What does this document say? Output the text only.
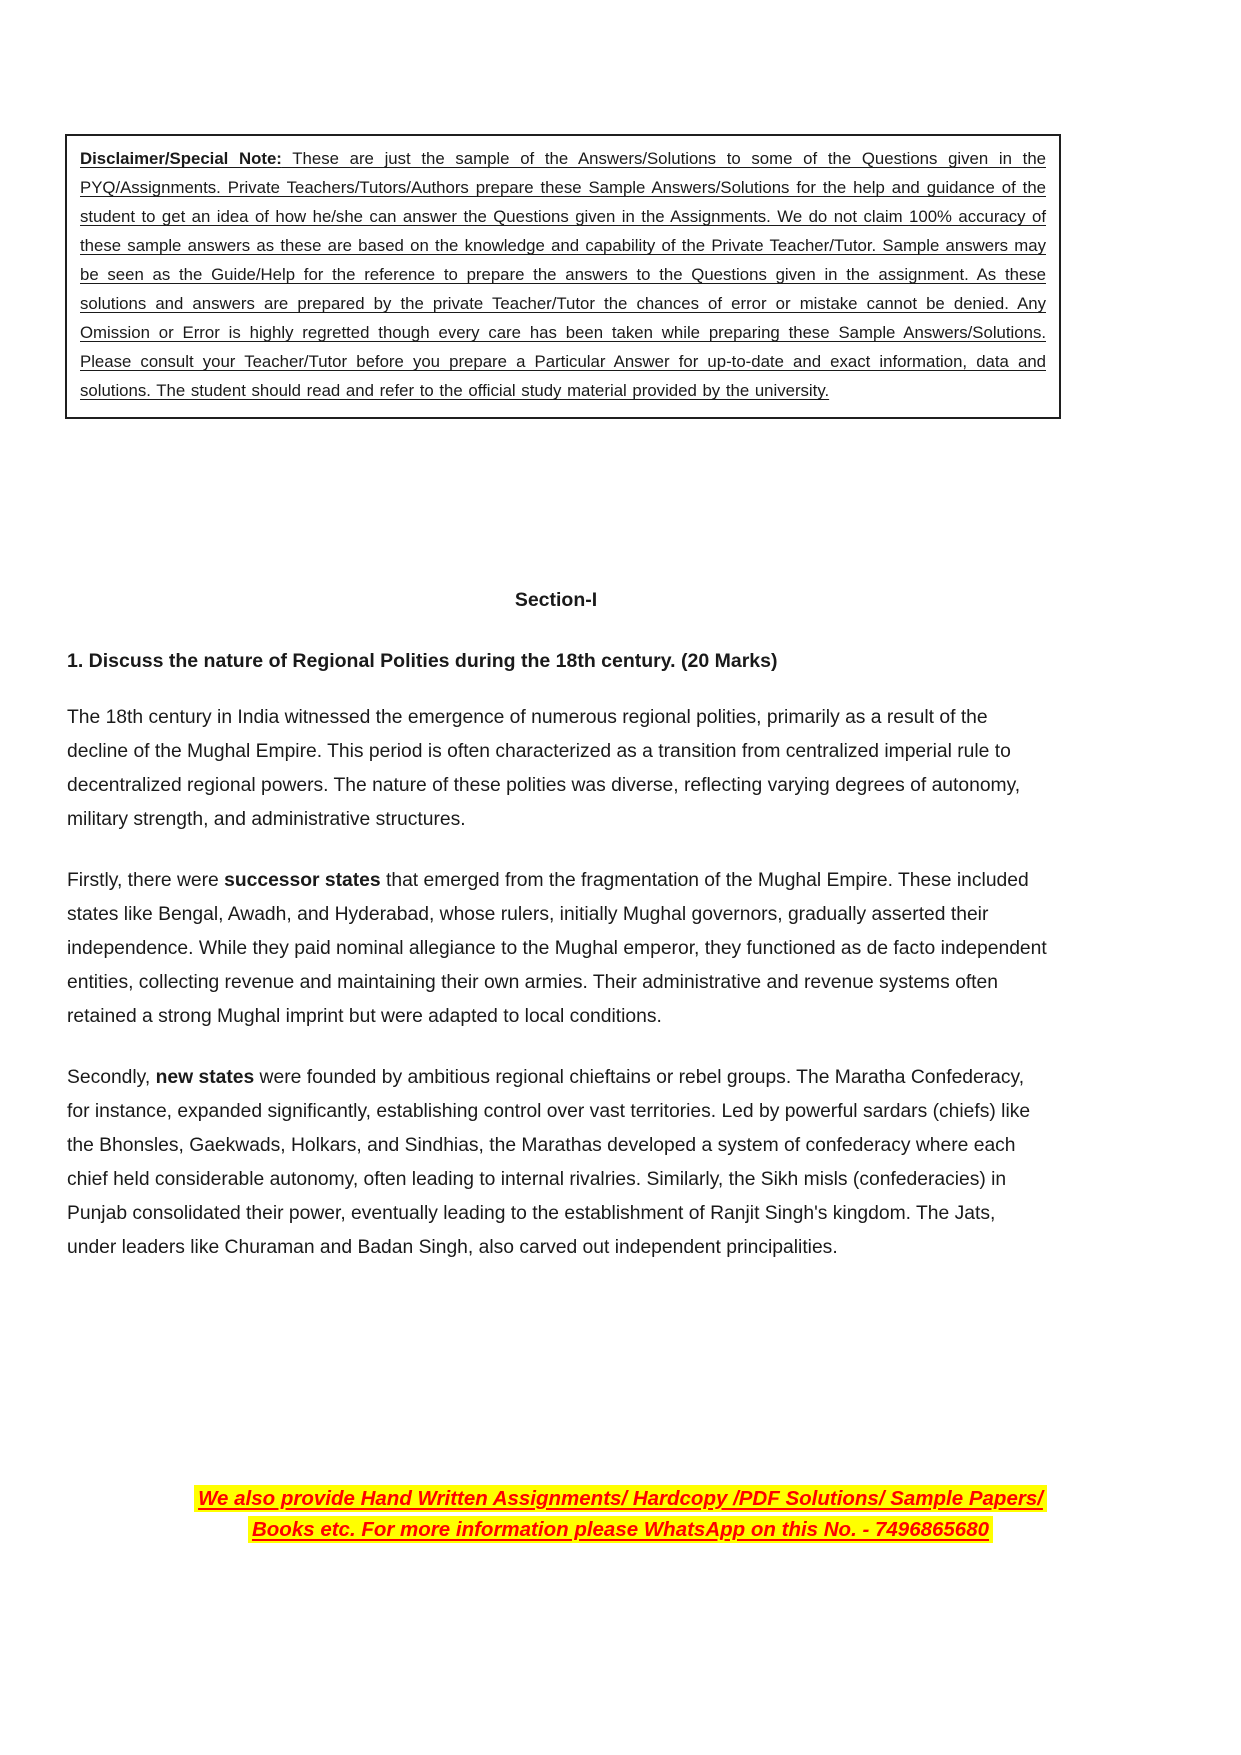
Disclaimer/Special Note: These are just the sample of the Answers/Solutions to some of the Questions given in the PYQ/Assignments. Private Teachers/Tutors/Authors prepare these Sample Answers/Solutions for the help and guidance of the student to get an idea of how he/she can answer the Questions given in the Assignments. We do not claim 100% accuracy of these sample answers as these are based on the knowledge and capability of the Private Teacher/Tutor. Sample answers may be seen as the Guide/Help for the reference to prepare the answers to the Questions given in the assignment. As these solutions and answers are prepared by the private Teacher/Tutor the chances of error or mistake cannot be denied. Any Omission or Error is highly regretted though every care has been taken while preparing these Sample Answers/Solutions. Please consult your Teacher/Tutor before you prepare a Particular Answer for up-to-date and exact information, data and solutions. The student should read and refer to the official study material provided by the university.

Section-I
1. Discuss the nature of Regional Polities during the 18th century. (20 Marks)

The 18th century in India witnessed the emergence of numerous regional polities, primarily as a result of the decline of the Mughal Empire. This period is often characterized as a transition from centralized imperial rule to decentralized regional powers. The nature of these polities was diverse, reflecting varying degrees of autonomy, military strength, and administrative structures.

Firstly, there were successor states that emerged from the fragmentation of the Mughal Empire. These included states like Bengal, Awadh, and Hyderabad, whose rulers, initially Mughal governors, gradually asserted their independence. While they paid nominal allegiance to the Mughal emperor, they functioned as de facto independent entities, collecting revenue and maintaining their own armies. Their administrative and revenue systems often retained a strong Mughal imprint but were adapted to local conditions.

Secondly, new states were founded by ambitious regional chieftains or rebel groups. The Maratha Confederacy, for instance, expanded significantly, establishing control over vast territories. Led by powerful sardars (chiefs) like the Bhonsles, Gaekwads, Holkars, and Sindhias, the Marathas developed a system of confederacy where each chief held considerable autonomy, often leading to internal rivalries. Similarly, the Sikh misls (confederacies) in Punjab consolidated their power, eventually leading to the establishment of Ranjit Singh's kingdom. The Jats, under leaders like Churaman and Badan Singh, also carved out independent principalities.

We also provide Hand Written Assignments/ Hardcopy /PDF Solutions/ Sample Papers/
Books etc. For more information please WhatsApp on this No. - 7496865680
